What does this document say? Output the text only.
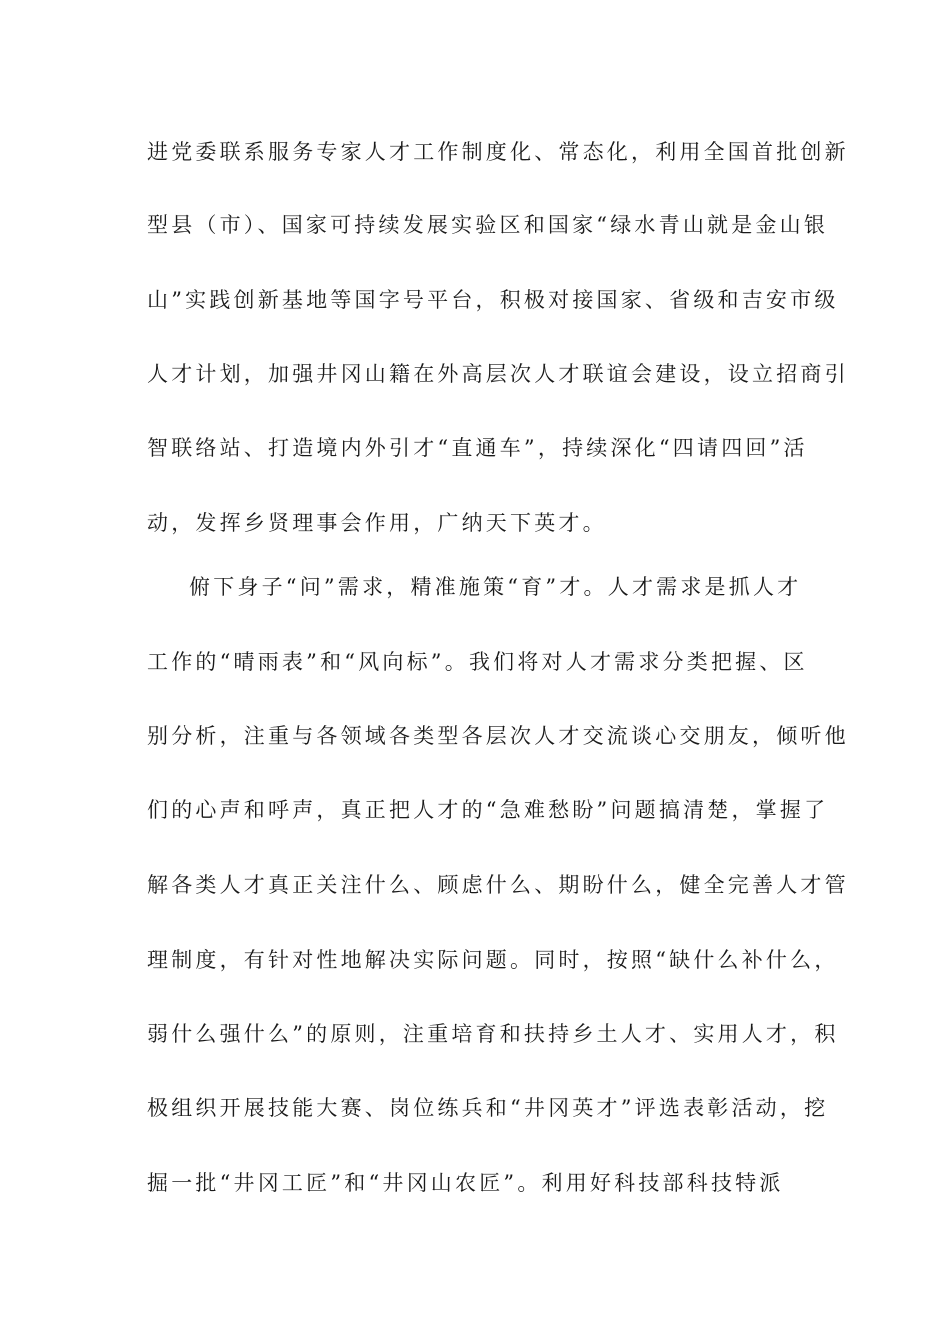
进党委联系服务专家人才工作制度化、常态化，利用全国首批创新
型县（市）、国家可持续发展实验区和国家“绿水青山就是金山银
山”实践创新基地等国字号平台，积极对接国家、省级和吉安市级
人才计划，加强井冈山籍在外高层次人才联谊会建设，设立招商引
智联络站、打造境内外引才“直通车”，持续深化“四请四回”活
动，发挥乡贤理事会作用，广纳天下英才。
俯下身子“问”需求，精准施策“育”才。人才需求是抓人才
工作的“晴雨表”和“风向标”。我们将对人才需求分类把握、区
别分析，注重与各领域各类型各层次人才交流谈心交朋友，倾听他
们的心声和呼声，真正把人才的“急难愁盼”问题搞清楚，掌握了
解各类人才真正关注什么、顾虑什么、期盼什么，健全完善人才管
理制度，有针对性地解决实际问题。同时，按照“缺什么补什么，
弱什么强什么”的原则，注重培育和扶持乡土人才、实用人才，积
极组织开展技能大赛、岗位练兵和“井冈英才”评选表彰活动，挖
掘一批“井冈工匠”和“井冈山农匠”。利用好科技部科技特派
